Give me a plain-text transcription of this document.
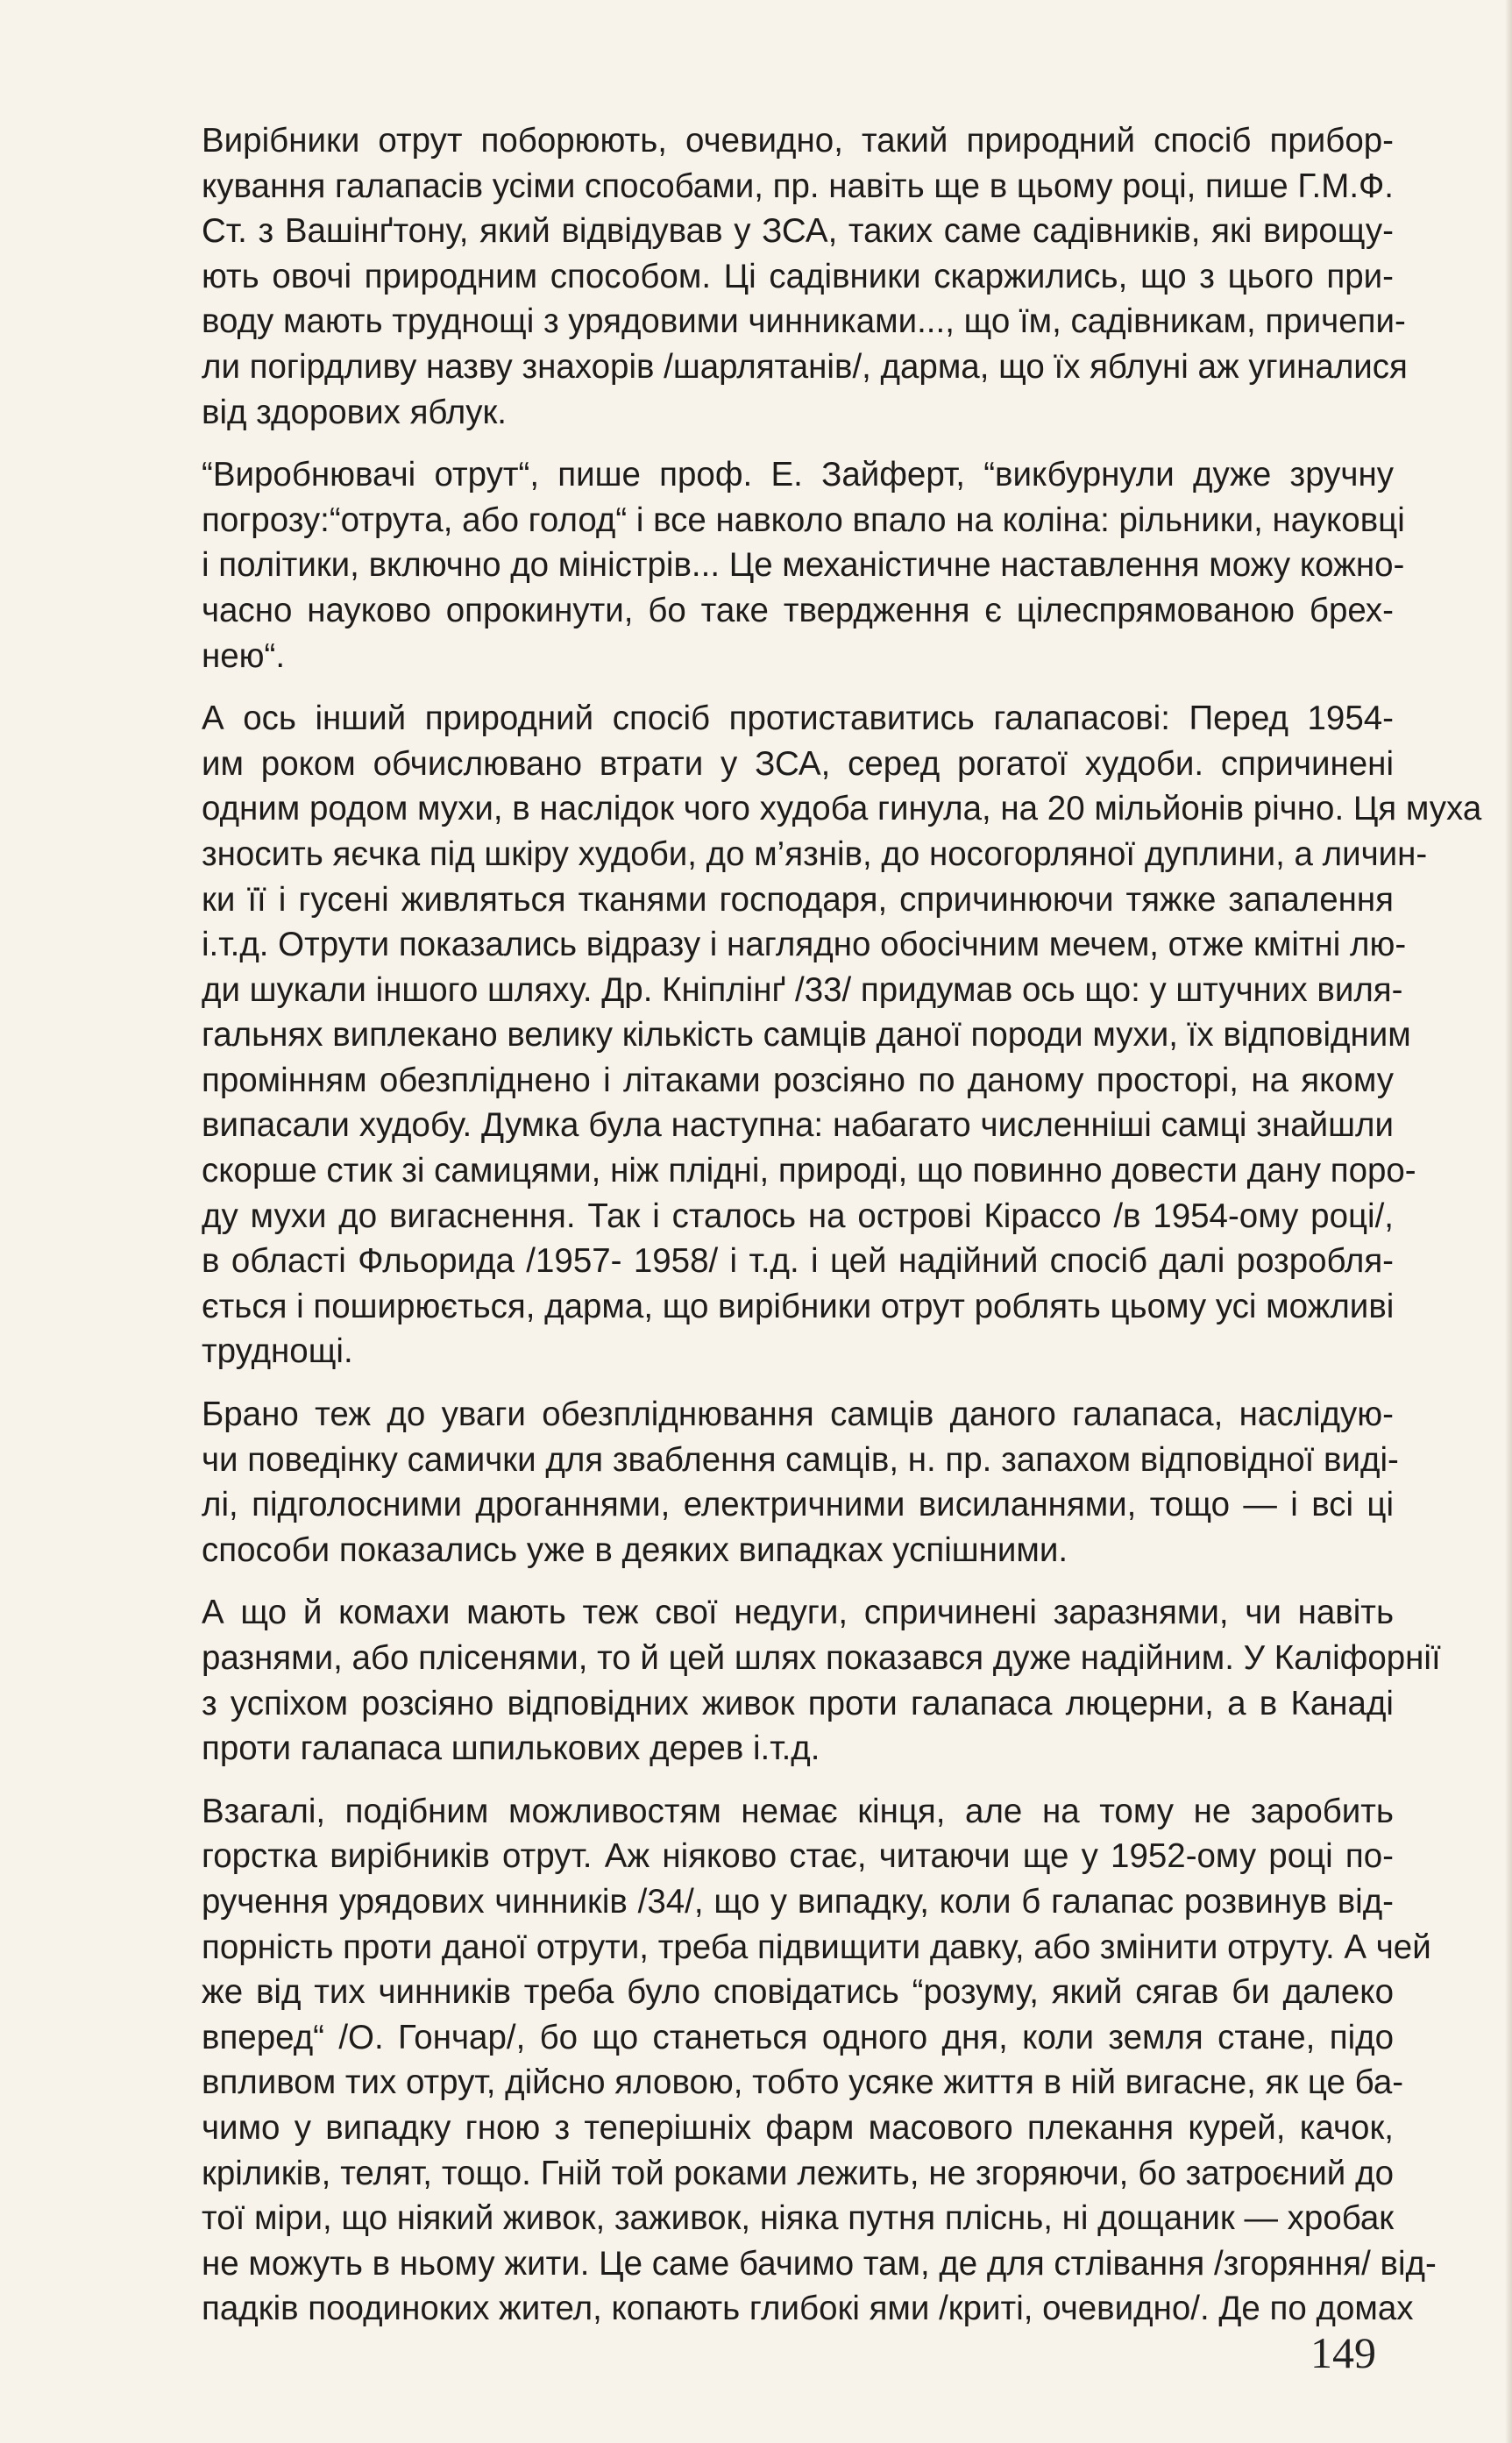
Вирібники отрут поборюють, очевидно, такий природний спосіб прибор-
кування галапасів усіми способами, пр. навіть ще в цьому році, пише Г.М.Ф.
Ст. з Вашінґтону, який відвідував у ЗСА, таких саме садівників, які вирощу-
ють овочі природним способом. Ці садівники скаржились, що з цього при-
воду мають труднощі з урядовими чинниками..., що їм, садівникам, причепи-
ли погірдливу назву знахорів /шарлятанів/, дарма, що їх яблуні аж угиналися
від здорових яблук.
“Виробнювачі отрут“, пише проф. Е. Зайферт, “викбурнули дуже зручну
погрозу:“отрута, або голод“ і все навколо впало на коліна: рільники, науковці
і політики, включно до міністрів... Це механістичне наставлення можу кожно-
часно науково опрокинути, бо таке твердження є цілеспрямованою брех-
нею“.
А ось інший природний спосіб протиставитись галапасові: Перед 1954-
им роком обчислювано втрати у ЗСА, серед рогатої худоби. спричинені
одним родом мухи, в наслідок чого худоба гинула, на 20 мільйонів річно. Ця муха
зносить яєчка під шкіру худоби, до м’язнів, до носогорляної дуплини, а личин-
ки її і гусені живляться тканями господаря, спричинюючи тяжке запалення
і.т.д. Отрути показались відразу і наглядно обосічним мечем, отже кмітні лю-
ди шукали іншого шляху. Др. Кніплінґ /33/ придумав ось що: у штучних виля-
гальнях виплекано велику кількість самців даної породи мухи, їх відповідним
промінням обезпліднено і літаками розсіяно по даному просторі, на якому
випасали худобу. Думка була наступна: набагато численніші самці знайшли
скорше стик зі самицями, ніж плідні, природі, що повинно довести дану поро-
ду мухи до вигаснення. Так і сталось на острові Кірассо /в 1954-ому році/,
в області Фльорида /1957- 1958/ і т.д. і цей надійний спосіб далі розробля-
ється і поширюється, дарма, що вирібники отрут роблять цьому усі можливі
труднощі.
Брано теж до уваги обезпліднювання самців даного галапаса, наслідую-
чи поведінку самички для зваблення самців, н. пр. запахом відповідної виді-
лі, підголосними дроганнями, електричними висиланнями, тощо — і всі ці
способи показались уже в деяких випадках успішними.
А що й комахи мають теж свої недуги, спричинені заразнями, чи навіть
разнями, або плісенями, то й цей шлях показався дуже надійним. У Каліфорнії
з успіхом розсіяно відповідних живок проти галапаса люцерни, а в Канаді
проти галапаса шпилькових дерев і.т.д.
Взагалі, подібним можливостям немає кінця, але на тому не заробить
горстка вирібників отрут. Аж ніяково стає, читаючи ще у 1952-ому році по-
ручення урядових чинників /34/, що у випадку, коли б галапас розвинув від-
порність проти даної отрути, треба підвищити давку, або змінити отруту. А чей
же від тих чинників треба було сповідатись “розуму, який сягав би далеко
вперед“ /О. Гончар/, бо що станеться одного дня, коли земля стане, підо
впливом тих отрут, дійсно яловою, тобто усяке життя в ній вигасне, як це ба-
чимо у випадку гною з теперішніх фарм масового плекання курей, качок,
кріликів, телят, тощо. Гній той роками лежить, не згоряючи, бо затроєний до
тої міри, що ніякий живок, заживок, ніяка путня пліснь, ні дощаник — хробак
не можуть в ньому жити. Це саме бачимо там, де для стлівання /згоряння/ від-
падків поодиноких жител, копають глибокі ями /криті, очевидно/. Де по домах
149
